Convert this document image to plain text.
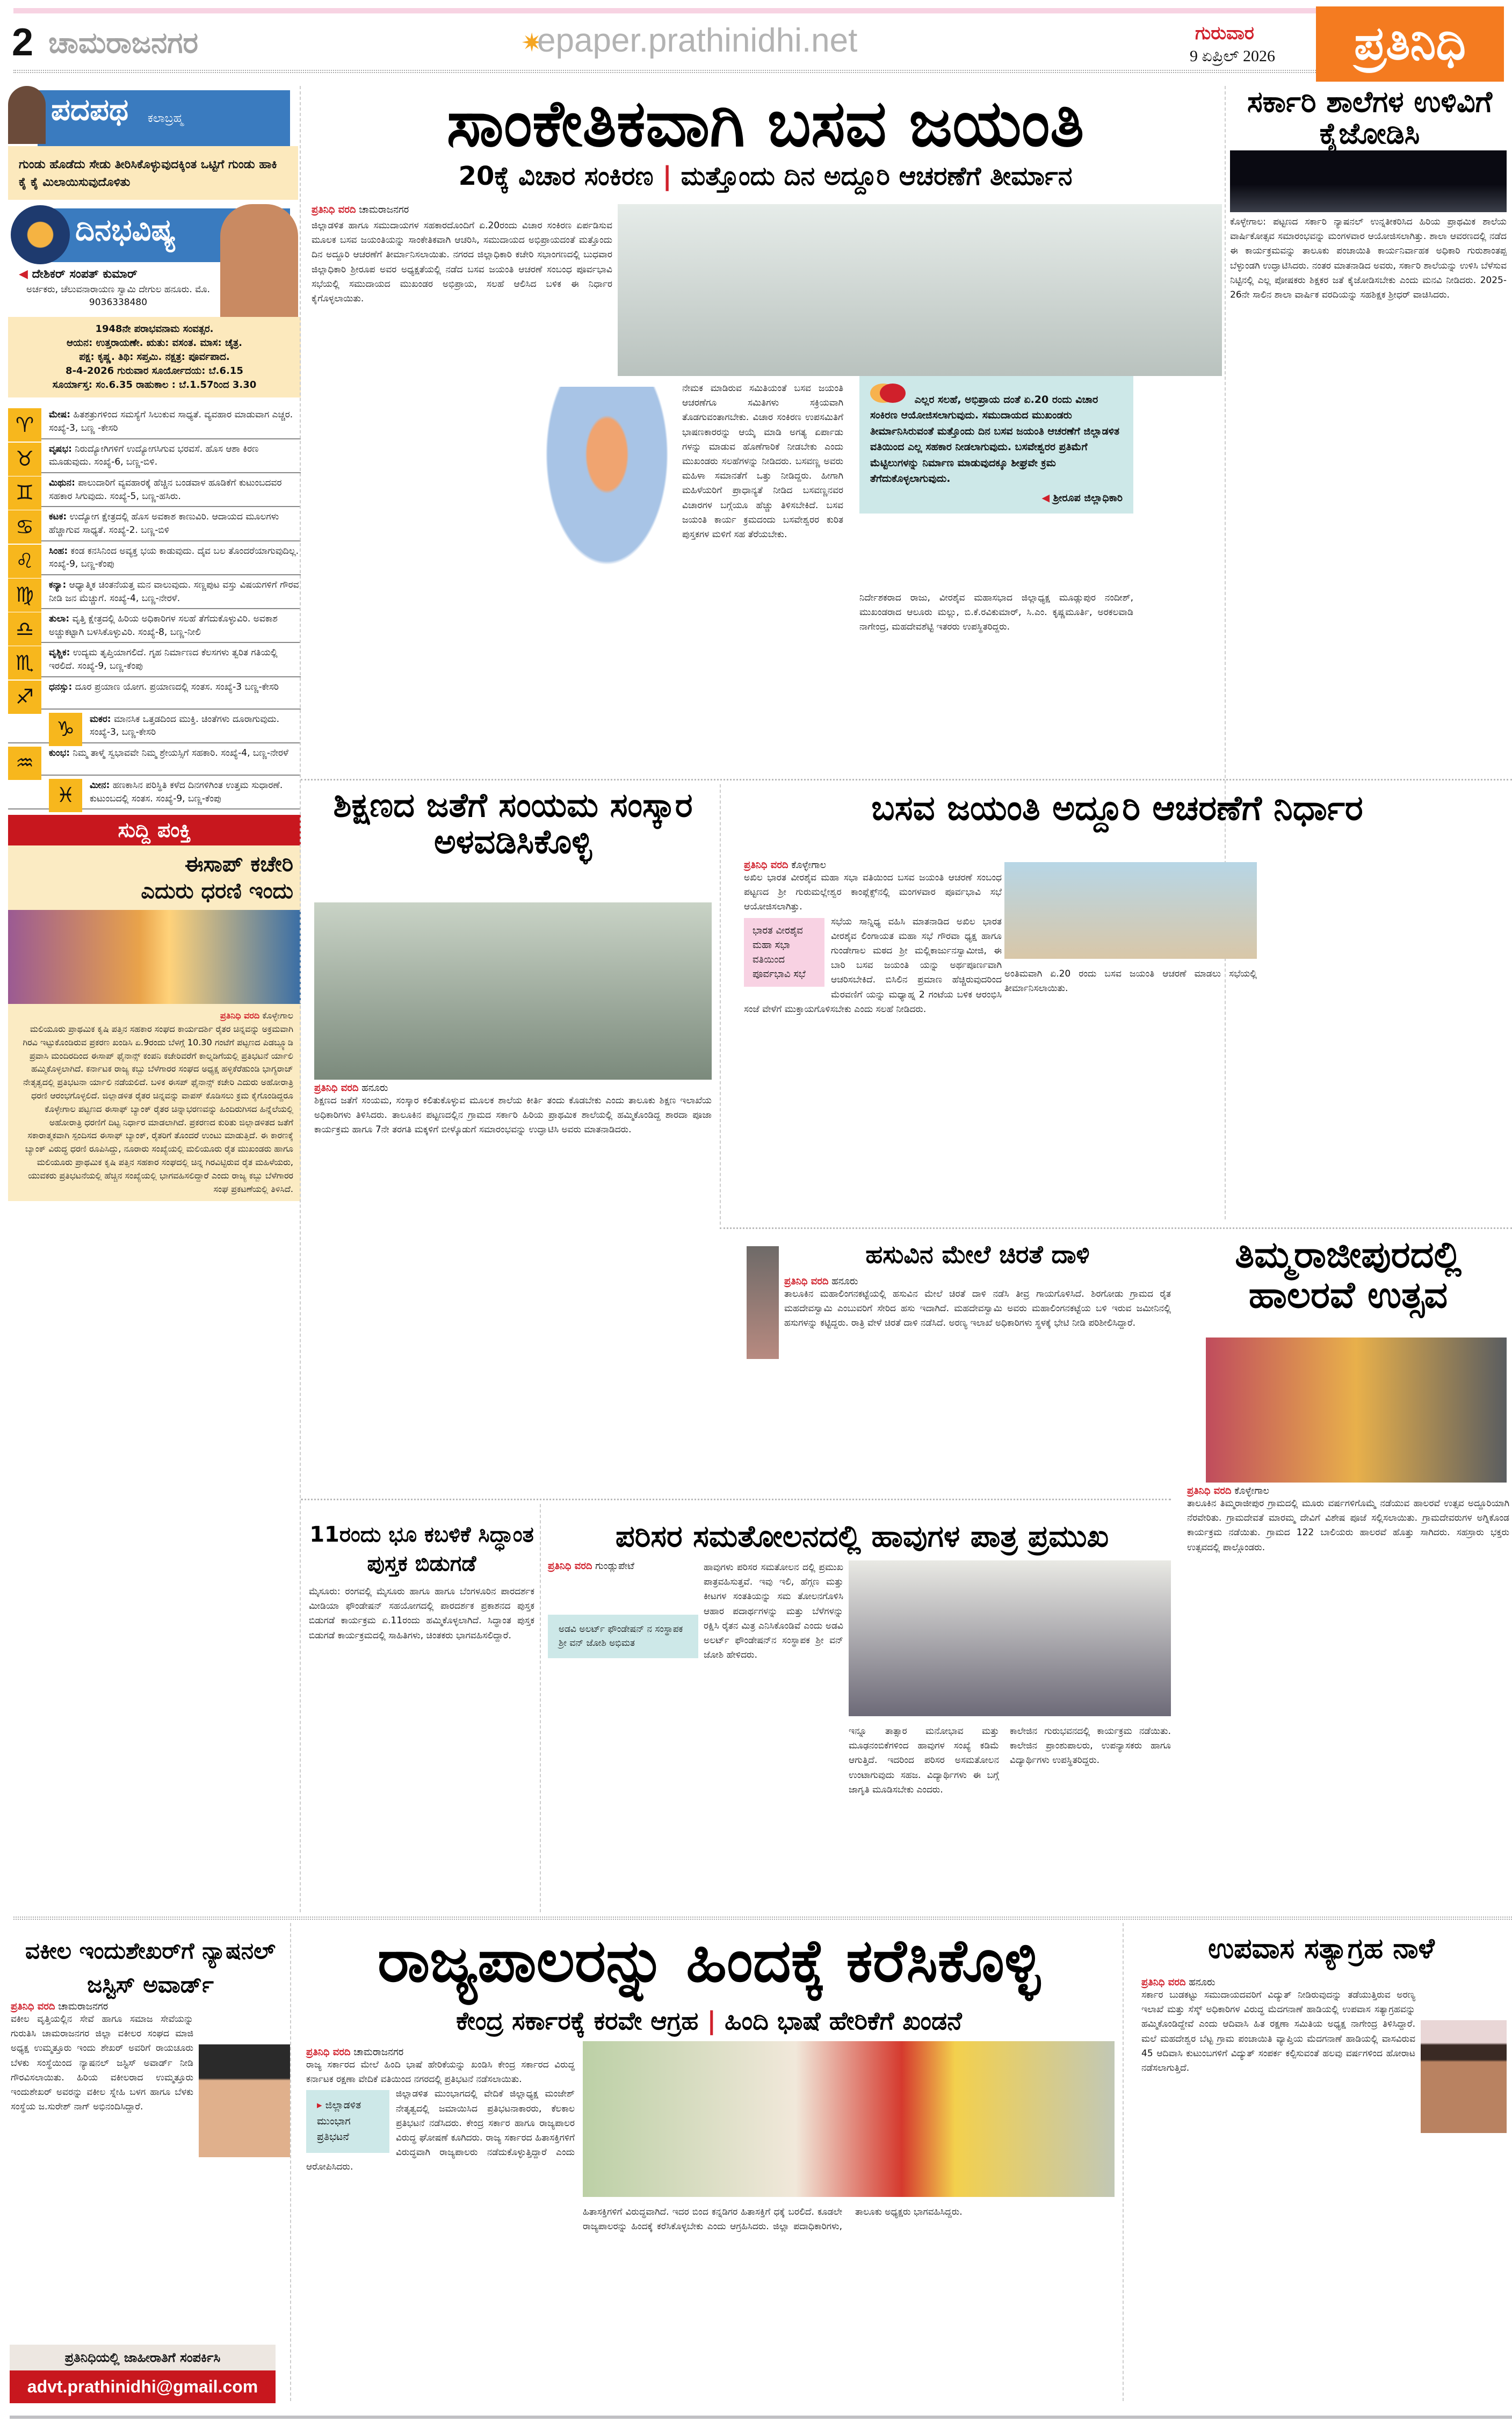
2 ಚಾಮರಾಜನಗರ	✷
epaper.prathinidhi.net	ಗುರುವಾರ
9 ಏಪ್ರಿಲ್ 2026	ಪ್ರತಿನಿಧಿ
ಪದಪಥ ಕಲಾಬ್ರಹ್ಮ
ಗುಂಡು ಹೊಡೆದು ಸೇಡು ತೀರಿಸಿಕೊಳ್ಳುವುದಕ್ಕಿಂತ ಒಟ್ಟಿಗೆ ಗುಂಡು ಹಾಕಿ ಕೈ ಕೈ ಮಿಲಾಯಿಸುವುದೊಳಿತು
ದಿನಭವಿಷ್ಯ
◀ ದೇಶಿಕರ್ ಸಂಪತ್ ಕುಮಾರ್
ಅರ್ಚಕರು, ಚೆಲುವನಾರಾಯಣ ಸ್ವಾಮಿ ದೇಗುಲ ಹನೂರು. ಮೊ. 9036338480
1948ನೇ ಪರಾಭವನಾಮ ಸಂವತ್ಸರ.
ಆಯನ: ಉತ್ತರಾಯಣೇ. ಋತು: ವಸಂತ. ಮಾಸ: ಚೈತ್ರ.
ಪಕ್ಷ: ಕೃಷ್ಣ. ತಿಥಿ: ಸಪ್ತಮಿ. ನಕ್ಷತ್ರ: ಪೂರ್ವಪಾದ.
8-4-2026 ಗುರುವಾರ ಸೂರ್ಯೋದಯ: ಬೆ.6.15
ಸೂರ್ಯಾಸ್ತ: ಸಂ.6.35 ರಾಹುಕಾಲ : ಬೆ.1.57ರಿಂದ 3.30
♈	ಮೇಷ: ಹಿತಶತ್ರುಗಳಿಂದ ಸಮಸ್ಯೆಗೆ ಸಿಲುಕುವ ಸಾಧ್ಯತೆ. ವ್ಯವಹಾರ ಮಾಡುವಾಗ ಎಚ್ಚರ. ಸಂಖ್ಯೆ-3, ಬಣ್ಣ -ಕೇಸರಿ
♉	ವೃಷಭ: ನಿರುದ್ಯೋಗಿಗಳಿಗೆ ಉದ್ಯೋಗಸಿಗುವ ಭರವಸೆ. ಹೊಸ ಆಶಾ ಕಿರಣ ಮೂಡುವುದು. ಸಂಖ್ಯೆ-6, ಬಣ್ಣ-ಬಿಳಿ.
♊	ಮಿಥುನ: ಪಾಲುದಾರಿಗೆ ವ್ಯವಹಾರಕ್ಕೆ ಹೆಚ್ಚಿನ ಬಂಡವಾಳ ಹೂಡಿಕೆಗೆ ಕುಟುಂಬದವರ ಸಹಕಾರ ಸಿಗುವುದು. ಸಂಖ್ಯೆ-5, ಬಣ್ಣ-ಹಸಿರು.
♋	ಕಟಕ: ಉದ್ಯೋಗ ಕ್ಷೇತ್ರದಲ್ಲಿ ಹೊಸ ಅವಕಾಶ ಕಾಣುವಿರಿ. ಆದಾಯದ ಮೂಲಗಳು ಹೆಚ್ಚಾಗುವ ಸಾಧ್ಯತೆ. ಸಂಖ್ಯೆ-2. ಬಣ್ಣ-ಬಿಳಿ
♌	ಸಿಂಹ: ಕಂಡ ಕನಸಿನಿಂದ ಅವ್ಯಕ್ತ ಭಯ ಕಾಡುವುದು. ದೈವ ಬಲ ತೊಂದರೆಯಾಗುವುದಿಲ್ಲ. ಸಂಖ್ಯೆ-9, ಬಣ್ಣ-ಕೆಂಪು
♍	ಕನ್ಯಾ: ಆಧ್ಯಾತ್ಮಿಕ ಚಿಂತನೆಯತ್ತ ಮನ ವಾಲುವುದು. ಸಣ್ಣಪುಟ ವಸ್ತು ವಿಷಯಗಳಿಗೆ ಗೌರವ ನೀಡಿ ಜನ ಮೆಚ್ಚುಗೆ. ಸಂಖ್ಯೆ-4, ಬಣ್ಣ-ನೇರಳೆ.
♎	ತುಲಾ: ವೃತ್ತಿ ಕ್ಷೇತ್ರದಲ್ಲಿ ಹಿರಿಯ ಅಧಿಕಾರಿಗಳ ಸಲಹೆ ತೆಗೆದುಕೊಳ್ಳುವಿರಿ. ಅವಕಾಶ ಅಚ್ಚುಕಟ್ಟಾಗಿ ಬಳಸಿಕೊಳ್ಳುವಿರಿ. ಸಂಖ್ಯೆ-8, ಬಣ್ಣ-ನೀಲಿ
♏	ವೃಶ್ಚಿಕ: ಉದ್ಯಮ ತೃಪ್ತಿಯಾಗಲಿದೆ. ಗೃಹ ನಿರ್ಮಾಣದ ಕೆಲಸಗಳು ತ್ವರಿತ ಗತಿಯಲ್ಲಿ ಇರಲಿದೆ. ಸಂಖ್ಯೆ-9, ಬಣ್ಣ-ಕೆಂಪು
♐	ಧನಸ್ಸು: ದೂರ ಪ್ರಯಾಣ ಯೋಗ. ಪ್ರಯಾಣದಲ್ಲಿ ಸಂತಸ. ಸಂಖ್ಯೆ-3 ಬಣ್ಣ-ಕೇಸರಿ
♑	ಮಕರ: ಮಾನಸಿಕ ಒತ್ತಡದಿಂದ ಮುಕ್ತಿ. ಚಿಂತೆಗಳು ದೂರಾಗುವುದು. ಸಂಖ್ಯೆ-3, ಬಣ್ಣ-ಕೇಸರಿ
♒	ಕುಂಭ: ನಿಮ್ಮ ತಾಳ್ಮೆ ಸ್ವಭಾವವೇ ನಿಮ್ಮ ಶ್ರೇಯಸ್ಸಿಗೆ ಸಹಕಾರಿ. ಸಂಖ್ಯೆ-4, ಬಣ್ಣ-ನೇರಳೆ
♓	ಮೀನ: ಹಣಕಾಸಿನ ಪರಿಸ್ಥಿತಿ ಕಳೆದ ದಿನಗಳಿಗಿಂತ ಉತ್ತಮ ಸುಧಾರಣೆ. ಕುಟುಂಬದಲ್ಲಿ ಸಂತಸ. ಸಂಖ್ಯೆ-9, ಬಣ್ಣ-ಕೆಂಪು
ಸುದ್ದಿ ಪಂಕ್ತಿ
ಈಸಾಪ್ ಕಚೇರಿ
ಎದುರು ಧರಣಿ ಇಂದು
ಪ್ರತಿನಿಧಿ ವರದಿ ಕೊಳ್ಳೇಗಾಲ
ಮಲಿಯೂರು ಪ್ರಾಥಮಿಕ ಕೃಷಿ ಪತ್ತಿನ ಸಹಕಾರ ಸಂಘದ ಕಾರ್ಯದರ್ಶಿ ರೈತರ ಚಿನ್ನವನ್ನು ಅಕ್ರಮವಾಗಿ ಗಿರವಿ ಇಟ್ಟುಕೊಂಡಿರುವ ಪ್ರಕರಣ ಖಂಡಿಸಿ ಏ.9ರಂದು ಬೆಳಗ್ಗೆ 10.30 ಗಂಟೆಗೆ ಪಟ್ಟಣದ ಪಿಡಬ್ಲ್ಯೂಡಿ ಪ್ರವಾಸಿ ಮಂದಿರದಿಂದ ಈಸಾಪ್ ಫೈನಾನ್ಸ್ ಕಂಪನಿ ಕಚೇರಿವರೆಗೆ ಕಾಲ್ನಡಿಗೆಯಲ್ಲಿ ಪ್ರತಿಭಟನೆ ರ್ಯಾಲಿ ಹಮ್ಮಿಕೊಳ್ಳಲಾಗಿದೆ. ಕರ್ನಾಟಕ ರಾಜ್ಯ ಕಬ್ಬು ಬೆಳೆಗಾರರ ಸಂಘದ ಅಧ್ಯಕ್ಷ ಹಳ್ಳಿಕೆರೆಹುಂಡಿ ಭಾಗ್ಯರಾಜ್ ನೇತೃತ್ವದಲ್ಲಿ ಪ್ರತಿಭಟನಾ ರ್ಯಾಲಿ ನಡೆಯಲಿದೆ. ಬಳಿಕ ಈಸಪ್ ಫೈನಾನ್ಸ್ ಕಚೇರಿ ಎದುರು ಅಹೋರಾತ್ರಿ ಧರಣಿ ಆರಂಭಗೊಳ್ಳಲಿದೆ. ಜಿಲ್ಲಾಡಳಿತ ರೈತರ ಚಿನ್ನವನ್ನು ವಾಪಸ್ ಕೊಡಿಸಲು ಕ್ರಮ ಕೈಗೊಂಡಿದ್ದರೂ ಕೊಳ್ಳೇಗಾಲ ಪಟ್ಟಣದ ಈಸಾಫ್ ಬ್ಯಾಂಕ್ ರೈತರ ಚಿನ್ನಾಭರಣವನ್ನು ಹಿಂದಿರುಗಿಸದ ಹಿನ್ನೆಲೆಯಲ್ಲಿ ಅಹೋರಾತ್ರಿ ಧರಣಿಗೆ ದಿಟ್ಟ ನಿರ್ಧಾರ ಮಾಡಲಾಗಿದೆ. ಪ್ರಕರಣದ ಕುರಿತು ಜಿಲ್ಲಾಡಳಿತದ ಜತೆಗೆ ಸಕಾರಾತ್ಮಕವಾಗಿ ಸ್ಪಂದಿಸದ ಈಸಾಫ್ ಬ್ಯಾಂಕ್, ರೈತರಿಗೆ ತೊಂದರೆ ಉಂಟು ಮಾಡುತ್ತಿದೆ. ಈ ಕಾರಣಕ್ಕೆ ಬ್ಯಾಂಕ್ ವಿರುದ್ಧ ಧರಣಿ ರೂಪಿಸಿದ್ದು, ನೂರಾರು ಸಂಖ್ಯೆಯಲ್ಲಿ ಮಲಿಯೂರು ರೈತ ಮುಖಂಡರು ಹಾಗೂ ಮಲಿಯೂರು ಪ್ರಾಥಮಿಕ ಕೃಷಿ ಪತ್ತಿನ ಸಹಕಾರ ಸಂಘದಲ್ಲಿ ಚಿನ್ನ ಗಿರವಿಟ್ಟಿರುವ ರೈತ ಮಹಿಳೆಯರು, ಯುವಕರು ಪ್ರತಿಭಟನೆಯಲ್ಲಿ ಹೆಚ್ಚಿನ ಸಂಖ್ಯೆಯಲ್ಲಿ ಭಾಗವಹಿಸಲಿದ್ದಾರೆ ಎಂದು ರಾಜ್ಯ ಕಬ್ಬು ಬೆಳೆಗಾರರ ಸಂಘ ಪ್ರಕಟಣೆಯಲ್ಲಿ ತಿಳಿಸಿದೆ.
ಸಾಂಕೇತಿಕವಾಗಿ ಬಸವ ಜಯಂತಿ
20ಕ್ಕೆ ವಿಚಾರ ಸಂಕಿರಣ | ಮತ್ತೊಂದು ದಿನ ಅದ್ದೂರಿ ಆಚರಣೆಗೆ ತೀರ್ಮಾನ
ಪ್ರತಿನಿಧಿ ವರದಿ ಚಾಮರಾಜನಗರ
ಜಿಲ್ಲಾಡಳಿತ ಹಾಗೂ ಸಮುದಾಯಗಳ ಸಹಕಾರದೊಂದಿಗೆ ಏ.20ರಂದು ವಿಚಾರ ಸಂಕಿರಣ ಏರ್ಪಡಿಸುವ ಮೂಲಕ ಬಸವ ಜಯಂತಿಯನ್ನು ಸಾಂಕೇತಿಕವಾಗಿ ಆಚರಿಸಿ, ಸಮುದಾಯದ ಅಭಿಪ್ರಾಯದಂತೆ ಮತ್ತೊಂದು ದಿನ ಅದ್ದೂರಿ ಆಚರಣೆಗೆ ತೀರ್ಮಾನಿಸಲಾಯಿತು. ನಗರದ ಜಿಲ್ಲಾಧಿಕಾರಿ ಕಚೇರಿ ಸಭಾಂಗಣದಲ್ಲಿ ಬುಧವಾರ ಜಿಲ್ಲಾಧಿಕಾರಿ ಶ್ರೀರೂಪ ಅವರ ಅಧ್ಯಕ್ಷತೆಯಲ್ಲಿ ನಡೆದ ಬಸವ ಜಯಂತಿ ಆಚರಣೆ ಸಂಬಂಧ ಪೂರ್ವಭಾವಿ ಸಭೆಯಲ್ಲಿ ಸಮುದಾಯದ ಮುಖಂಡರ ಅಭಿಪ್ರಾಯ, ಸಲಹೆ ಆಲಿಸಿದ ಬಳಿಕ ಈ ನಿರ್ಧಾರ ಕೈಗೊಳ್ಳಲಾಯಿತು.
ನೇಮಕ ಮಾಡಿರುವ ಸಮಿತಿಯಂತೆ ಬಸವ ಜಯಂತಿ ಆಚರಣೆಗೂ ಸಮಿತಿಗಳು ಸಕ್ರಿಯವಾಗಿ ತೊಡಗುವಂತಾಗಬೇಕು. ವಿಚಾರ ಸಂಕಿರಣ ಉಪಸಮಿತಿಗೆ ಭಾಷಣಕಾರರನ್ನು ಆಯ್ಕೆ ಮಾಡಿ ಅಗತ್ಯ ಏರ್ಪಾಡು ಗಳನ್ನು ಮಾಡುವ ಹೊಣೆಗಾರಿಕೆ ನೀಡಬೇಕು ಎಂದು ಮುಖಂಡರು ಸಲಹೆಗಳನ್ನು ನೀಡಿದರು. ಬಸವಣ್ಣ ಅವರು ಮಹಿಳಾ ಸಮಾನತೆಗೆ ಒತ್ತು ನೀಡಿದ್ದರು. ಹೀಗಾಗಿ ಮಹಿಳೆಯರಿಗೆ ಪ್ರಾಧಾನ್ಯತೆ ನೀಡಿದ ಬಸವಣ್ಣನವರ ವಿಚಾರಗಳ ಬಗ್ಗೆಯೂ ಹೆಚ್ಚು ತಿಳಿಸಬೇಕಿದೆ. ಬಸವ ಜಯಂತಿ ಕಾರ್ಯ ಕ್ರಮದಂದು ಬಸವೇಶ್ವರರ ಕುರಿತ ಪುಸ್ತಕಗಳ ಮಳಿಗೆ ಸಹ ತೆರೆಯಬೇಕು.
ಎಲ್ಲರ ಸಲಹೆ, ಅಭಿಪ್ರಾಯ ದಂತೆ ಏ.20 ರಂದು ವಿಚಾರ ಸಂಕಿರಣ ಆಯೋಜಿಸಲಾಗುವುದು. ಸಮುದಾಯದ ಮುಖಂಡರು ತೀರ್ಮಾನಿಸಿರುವಂತೆ ಮತ್ತೊಂದು ದಿನ ಬಸವ ಜಯಂತಿ ಆಚರಣೆಗೆ ಜಿಲ್ಲಾಡಳಿತ ವತಿಯಿಂದ ಎಲ್ಲ ಸಹಕಾರ ನೀಡಲಾಗುವುದು. ಬಸವೇಶ್ವರರ ಪ್ರತಿಮೆಗೆ ಮೆಟ್ಟಿಲುಗಳನ್ನು ನಿರ್ಮಾಣ ಮಾಡುವುದಕ್ಕೂ ಶೀಘ್ರವೇ ಕ್ರಮ ತೆಗೆದುಕೊಳ್ಳಲಾಗುವುದು.
◀ ಶ್ರೀರೂಪ ಜಿಲ್ಲಾಧಿಕಾರಿ
ನಿರ್ದೇಶಕರಾದ ರಾಜು, ವೀರಶೈವ ಮಹಾಸಭಾದ ಜಿಲ್ಲಾಧ್ಯಕ್ಷ ಮೂಡ್ಲುಪುರ ನಂದೀಶ್, ಮುಖಂಡರಾದ ಆಲೂರು ಮಲ್ಲು, ಬಿ.ಕೆ.ರವಿಕುಮಾರ್, ಸಿ.ಎಂ. ಕೃಷ್ಣಮೂರ್ತಿ, ಅರಕಲವಾಡಿ ನಾಗೇಂದ್ರ, ಮಹದೇವಶೆಟ್ಟಿ ಇತರರು ಉಪಸ್ಥಿತರಿದ್ದರು.
ಸರ್ಕಾರಿ ಶಾಲೆಗಳ ಉಳಿವಿಗೆ ಕೈಜೋಡಿಸಿ
ಕೊಳ್ಳೇಗಾಲ: ಪಟ್ಟಣದ ಸರ್ಕಾರಿ ನ್ಯಾಷನಲ್ ಉನ್ನತೀಕರಿಸಿದ ಹಿರಿಯ ಪ್ರಾಥಮಿಕ ಶಾಲೆಯ ವಾರ್ಷಿಕೋತ್ಸವ ಸಮಾರಂಭವನ್ನು ಮಂಗಳವಾರ ಆಯೋಜಿಸಲಾಗಿತ್ತು. ಶಾಲಾ ಆವರಣದಲ್ಲಿ ನಡೆದ ಈ ಕಾರ್ಯಕ್ರಮವನ್ನು ತಾಲೂಕು ಪಂಚಾಯಿತಿ ಕಾರ್ಯನಿರ್ವಾಹಕ ಅಧಿಕಾರಿ ಗುರುಶಾಂತಪ್ಪ ಬೆಳ್ಳುಂಡಗಿ ಉದ್ಘಾಟಿಸಿದರು. ನಂತರ ಮಾತನಾಡಿದ ಅವರು, ಸರ್ಕಾರಿ ಶಾಲೆಯನ್ನು ಉಳಿಸಿ ಬೆಳೆಸುವ ನಿಟ್ಟಿನಲ್ಲಿ ಎಲ್ಲ ಪೋಷಕರು ಶಿಕ್ಷಕರ ಜತೆ ಕೈಜೋಡಿಸಬೇಕು ಎಂದು ಮನವಿ ನೀಡಿದರು. 2025-26ನೇ ಸಾಲಿನ ಶಾಲಾ ವಾರ್ಷಿಕ ವರದಿಯನ್ನು ಸಹಶಿಕ್ಷಕ ಶ್ರೀಧರ್ ವಾಚಿಸಿದರು.
ಶಿಕ್ಷಣದ ಜತೆಗೆ ಸಂಯಮ ಸಂಸ್ಕಾರ ಅಳವಡಿಸಿಕೊಳ್ಳಿ
ಪ್ರತಿನಿಧಿ ವರದಿ ಹನೂರು
ಶಿಕ್ಷಣದ ಜತೆಗೆ ಸಂಯಮ, ಸಂಸ್ಕಾರ ಕಲಿತುಕೊಳ್ಳುವ ಮೂಲಕ ಶಾಲೆಯ ಕೀರ್ತಿ ತಂದು ಕೊಡಬೇಕು ಎಂದು ತಾಲೂಕು ಶಿಕ್ಷಣ ಇಲಾಖೆಯ ಅಧಿಕಾರಿಗಳು ತಿಳಿಸಿದರು. ತಾಲೂಕಿನ ಪಟ್ಟಣದಲ್ಲಿನ ಗ್ರಾಮದ ಸರ್ಕಾರಿ ಹಿರಿಯ ಪ್ರಾಥಮಿಕ ಶಾಲೆಯಲ್ಲಿ ಹಮ್ಮಿಕೊಂಡಿದ್ದ ಶಾರದಾ ಪೂಜಾ ಕಾರ್ಯಕ್ರಮ ಹಾಗೂ 7ನೇ ತರಗತಿ ಮಕ್ಕಳಿಗೆ ಬೀಳ್ಕೊಡುಗೆ ಸಮಾರಂಭವನ್ನು ಉದ್ಘಾಟಿಸಿ ಅವರು ಮಾತನಾಡಿದರು.
ಬಸವ ಜಯಂತಿ ಅದ್ದೂರಿ ಆಚರಣೆಗೆ ನಿರ್ಧಾರ
ಪ್ರತಿನಿಧಿ ವರದಿ ಕೊಳ್ಳೇಗಾಲ
ಅಖಿಲ ಭಾರತ ವೀರಶೈವ ಮಹಾ ಸಭಾ ವತಿಯಿಂದ ಬಸವ ಜಯಂತಿ ಆಚರಣೆ ಸಂಬಂಧ ಪಟ್ಟಣದ ಶ್ರೀ ಗುರುಮಲ್ಲೇಶ್ವರ ಕಾಂಪ್ಲೆಕ್ಸ್‌ನಲ್ಲಿ ಮಂಗಳವಾರ ಪೂರ್ವಭಾವಿ ಸಭೆ ಆಯೋಜಿಸಲಾಗಿತ್ತು.
ಭಾರತ ವೀರಶೈವ ಮಹಾ ಸಭಾ ವತಿಯಿಂದ ಪೂರ್ವಭಾವಿ ಸಭೆ
ಸಭೆಯ ಸಾನ್ನಿಧ್ಯ ವಹಿಸಿ ಮಾತನಾಡಿದ ಅಖಿಲ ಭಾರತ ವೀರಶೈವ ಲಿಂಗಾಯತ ಮಹಾ ಸಭೆ ಗೌರವಾ ಧ್ಯಕ್ಷ ಹಾಗೂ ಗುಂಡೇಗಾಲ ಮಠದ ಶ್ರೀ ಮಲ್ಲಿಕಾರ್ಜುನಸ್ವಾಮೀಜಿ, ಈ ಬಾರಿ ಬಸವ ಜಯಂತಿ ಯನ್ನು ಅರ್ಥಪೂರ್ಣವಾಗಿ ಆಚರಿಸಬೇಕಿದೆ. ಬಿಸಿಲಿನ ಪ್ರಮಾಣ ಹೆಚ್ಚಿರುವುದರಿಂದ ಮೆರವಣಿಗೆ ಯನ್ನು ಮಧ್ಯಾಹ್ನ 2 ಗಂಟೆಯ ಬಳಿಕ ಆರಂಭಿಸಿ ಸಂಜೆ ವೇಳೆಗೆ ಮುಕ್ತಾಯಗೊಳಿಸಬೇಕು ಎಂದು ಸಲಹೆ ನೀಡಿದರು.
ಅಂತಿಮವಾಗಿ ಏ.20 ರಂದು ಬಸವ ಜಯಂತಿ ಆಚರಣೆ ಮಾಡಲು ಸಭೆಯಲ್ಲಿ ತೀರ್ಮಾನಿಸಲಾಯಿತು.
ಹಸುವಿನ ಮೇಲೆ ಚಿರತೆ ದಾಳಿ
ಪ್ರತಿನಿಧಿ ವರದಿ ಹನೂರು
ತಾಲೂಕಿನ ಮಹಾಲಿಂಗನಕಟ್ಟೆಯಲ್ಲಿ ಹಸುವಿನ ಮೇಲೆ ಚಿರತೆ ದಾಳಿ ನಡೆಸಿ ತೀವ್ರ ಗಾಯಗೊಳಿಸಿದೆ. ಶಿರಗೋಡು ಗ್ರಾಮದ ರೈತ ಮಹದೇವಸ್ವಾಮಿ ಎಂಬುವರಿಗೆ ಸೇರಿದ ಹಸು ಇದಾಗಿದೆ. ಮಹದೇವಸ್ವಾಮಿ ಅವರು ಮಹಾಲಿಂಗನಕಟ್ಟೆಯ ಬಳಿ ಇರುವ ಜಮೀನಿನಲ್ಲಿ ಹಸುಗಳನ್ನು ಕಟ್ಟಿದ್ದರು. ರಾತ್ರಿ ವೇಳೆ ಚಿರತೆ ದಾಳಿ ನಡೆಸಿದೆ. ಅರಣ್ಯ ಇಲಾಖೆ ಅಧಿಕಾರಿಗಳು ಸ್ಥಳಕ್ಕೆ ಭೇಟಿ ನೀಡಿ ಪರಿಶೀಲಿಸಿದ್ದಾರೆ.
ತಿಮ್ಮರಾಜೀಪುರದಲ್ಲಿ ಹಾಲರವೆ ಉತ್ಸವ
ಪ್ರತಿನಿಧಿ ವರದಿ ಕೊಳ್ಳೇಗಾಲ
ತಾಲೂಕಿನ ತಿಮ್ಮರಾಜೀಪುರ ಗ್ರಾಮದಲ್ಲಿ ಮೂರು ವರ್ಷಗಳಿಗೊಮ್ಮೆ ನಡೆಯುವ ಹಾಲರವೆ ಉತ್ಸವ ಅದ್ದೂರಿಯಾಗಿ ನೆರವೇರಿತು. ಗ್ರಾಮದೇವತೆ ಮಾರಮ್ಮ ದೇವಿಗೆ ವಿಶೇಷ ಪೂಜೆ ಸಲ್ಲಿಸಲಾಯಿತು. ಗ್ರಾಮದೇವರುಗಳ ಅಗ್ನಿಕೊಂಡ ಕಾರ್ಯಕ್ರಮ ನಡೆಯಿತು. ಗ್ರಾಮದ 122 ಬಾಲಿಯರು ಹಾಲರವೆ ಹೊತ್ತು ಸಾಗಿದರು. ಸಹಸ್ರಾರು ಭಕ್ತರು ಉತ್ಸವದಲ್ಲಿ ಪಾಲ್ಗೊಂಡರು.
11ರಂದು ಭೂ ಕಬಳಿಕೆ ಸಿದ್ಧಾಂತ ಪುಸ್ತಕ ಬಿಡುಗಡೆ
ಮೈಸೂರು: ರಂಗವಲ್ಲಿ ಮೈಸೂರು ಹಾಗೂ ಹಾಗೂ ಬೆಂಗಳೂರಿನ ಪಾರದರ್ಶಕ ಮೀಡಿಯಾ ಫೌಂಡೇಷನ್ ಸಹಯೋಗದಲ್ಲಿ ಪಾರದರ್ಶಕ ಪ್ರಕಾಶನದ ಪುಸ್ತಕ ಬಿಡುಗಡೆ ಕಾರ್ಯಕ್ರಮ ಏ.11ರಂದು ಹಮ್ಮಿಕೊಳ್ಳಲಾಗಿದೆ. ಸಿದ್ಧಾಂತ ಪುಸ್ತಕ ಬಿಡುಗಡೆ ಕಾರ್ಯಕ್ರಮದಲ್ಲಿ ಸಾಹಿತಿಗಳು, ಚಿಂತಕರು ಭಾಗವಹಿಸಲಿದ್ದಾರೆ.
ಪರಿಸರ ಸಮತೋಲನದಲ್ಲಿ ಹಾವುಗಳ ಪಾತ್ರ ಪ್ರಮುಖ
ಪ್ರತಿನಿಧಿ ವರದಿ ಗುಂಡ್ಲುಪೇಟೆ
ಅಡವಿ ಅಲರ್ಟ್ ಫೌಂಡೇಷನ್ ನ ಸಂಸ್ಥಾಪಕ ಶ್ರೀ ವನ್ ಜೋಶಿ ಅಭಿಮತ
ಹಾವುಗಳು ಪರಿಸರ ಸಮತೋಲನ ದಲ್ಲಿ ಪ್ರಮುಖ ಪಾತ್ರವಹಿಸುತ್ತವೆ. ಇವು ಇಲಿ, ಹೆಗ್ಗಣ ಮತ್ತು ಕೀಟಗಳ ಸಂತತಿಯನ್ನು ಸಮ ತೋಲನಗೊಳಿಸಿ ಆಹಾರ ಪದಾರ್ಥಗಳನ್ನು ಮತ್ತು ಬೆಳೆಗಳನ್ನು ರಕ್ಷಿಸಿ ರೈತನ ಮಿತ್ರ ಎನಿಸಿಕೊಂಡಿವೆ ಎಂದು ಅಡವಿ ಅಲರ್ಟ್ ಫೌಂಡೇಷನ್‌ನ ಸಂಸ್ಥಾಪಕ ಶ್ರೀ ವನ್ ಜೋಶಿ ಹೇಳಿದರು.
ಇನ್ನೂ ತಾತ್ಸಾರ ಮನೋಭಾವ ಮತ್ತು ಮೂಢನಂಬಿಕೆಗಳಿಂದ ಹಾವುಗಳ ಸಂಖ್ಯೆ ಕಡಿಮೆ ಆಗುತ್ತಿದೆ. ಇದರಿಂದ ಪರಿಸರ ಅಸಮತೋಲನ ಉಂಟಾಗುವುದು ಸಹಜ. ವಿದ್ಯಾರ್ಥಿಗಳು ಈ ಬಗ್ಗೆ ಜಾಗೃತಿ ಮೂಡಿಸಬೇಕು ಎಂದರು.
ಕಾಲೇಜಿನ ಗುರುಭವನದಲ್ಲಿ ಕಾರ್ಯಕ್ರಮ ನಡೆಯಿತು. ಕಾಲೇಜಿನ ಪ್ರಾಂಶುಪಾಲರು, ಉಪನ್ಯಾಸಕರು ಹಾಗೂ ವಿದ್ಯಾರ್ಥಿಗಳು ಉಪಸ್ಥಿತರಿದ್ದರು.
ವಕೀಲ ಇಂದುಶೇಖರ್‌ಗೆ ನ್ಯಾಷನಲ್ ಜಸ್ಟಿಸ್ ಅವಾರ್ಡ್
ಪ್ರತಿನಿಧಿ ವರದಿ ಚಾಮರಾಜನಗರ
ವಕೀಲ ವೃತ್ತಿಯಲ್ಲಿನ ಸೇವೆ ಹಾಗೂ ಸಮಾಜ ಸೇವೆಯನ್ನು ಗುರುತಿಸಿ ಚಾಮರಾಜನಗರ ಜಿಲ್ಲಾ ವಕೀಲರ ಸಂಘದ ಮಾಜಿ ಅಧ್ಯಕ್ಷ ಉಮ್ಮತ್ತೂರು ಇಂದು ಶೇಖರ್ ಅವರಿಗೆ ರಾಯಚೂರು ಬೆಳಕು ಸಂಸ್ಥೆಯಿಂದ ನ್ಯಾಷನಲ್ ಜಸ್ಟಿಸ್ ಅವಾರ್ಡ್ ನೀಡಿ ಗೌರವಿಸಲಾಯಿತು. ಹಿರಿಯ ವಕೀಲರಾದ ಉಮ್ಮತ್ತೂರು ಇಂದುಶೇಖರ್ ಅವರನ್ನು ವಕೀಲ ಸ್ನೇಹಿ ಬಳಗ ಹಾಗೂ ಬೆಳಕು ಸಂಸ್ಥೆಯ ಜ.ಸುರೇಶ್ ನಾಗ್ ಅಭಿನಂದಿಸಿದ್ದಾರೆ.
ಪ್ರತಿನಿಧಿಯಲ್ಲಿ ಜಾಹೀರಾತಿಗೆ ಸಂಪರ್ಕಿಸಿ
advt.prathinidhi@gmail.com
ರಾಜ್ಯಪಾಲರನ್ನು ಹಿಂದಕ್ಕೆ ಕರೆಸಿಕೊಳ್ಳಿ
ಕೇಂದ್ರ ಸರ್ಕಾರಕ್ಕೆ ಕರವೇ ಆಗ್ರಹ | ಹಿಂದಿ ಭಾಷೆ ಹೇರಿಕೆಗೆ ಖಂಡನೆ
ಪ್ರತಿನಿಧಿ ವರದಿ ಚಾಮರಾಜನಗರ
ರಾಜ್ಯ ಸರ್ಕಾರದ ಮೇಲೆ ಹಿಂದಿ ಭಾಷೆ ಹೇರಿಕೆಯನ್ನು ಖಂಡಿಸಿ ಕೇಂದ್ರ ಸರ್ಕಾರದ ವಿರುದ್ಧ ಕರ್ನಾಟಕ ರಕ್ಷಣಾ ವೇದಿಕೆ ವತಿಯಿಂದ ನಗರದಲ್ಲಿ ಪ್ರತಿಭಟನೆ ನಡೆಸಲಾಯಿತು.
▸ ಜಿಲ್ಲಾಡಳಿತ ಮುಂಭಾಗ ಪ್ರತಿಭಟನೆ
ಜಿಲ್ಲಾಡಳಿತ ಮುಂಭಾಗದಲ್ಲಿ ವೇದಿಕೆ ಜಿಲ್ಲಾಧ್ಯಕ್ಷ ಮಂಜೇಶ್ ನೇತೃತ್ವದಲ್ಲಿ ಜಮಾಯಿಸಿದ ಪ್ರತಿಭಟನಾಕಾರರು, ಕೆಲಕಾಲ ಪ್ರತಿಭಟನೆ ನಡೆಸಿದರು. ಕೇಂದ್ರ ಸರ್ಕಾರ ಹಾಗೂ ರಾಜ್ಯಪಾಲರ ವಿರುದ್ಧ ಘೋಷಣೆ ಕೂಗಿದರು. ರಾಜ್ಯ ಸರ್ಕಾರದ ಹಿತಾಸಕ್ತಿಗಳಿಗೆ ವಿರುದ್ಧವಾಗಿ ರಾಜ್ಯಪಾಲರು ನಡೆದುಕೊಳ್ಳುತ್ತಿದ್ದಾರೆ ಎಂದು ಆರೋಪಿಸಿದರು.
ಹಿತಾಸಕ್ತಿಗಳಿಗೆ ವಿರುದ್ಧವಾಗಿದೆ. ಇದರ ಬಿಂದ ಕನ್ನಡಿಗರ ಹಿತಾಸಕ್ತಿಗೆ ಧಕ್ಕೆ ಬರಲಿದೆ. ಕೂಡಲೇ ರಾಜ್ಯಪಾಲರನ್ನು ಹಿಂದಕ್ಕೆ ಕರೆಸಿಕೊಳ್ಳಬೇಕು ಎಂದು ಆಗ್ರಹಿಸಿದರು. ಜಿಲ್ಲಾ ಪದಾಧಿಕಾರಿಗಳು, ತಾಲೂಕು ಅಧ್ಯಕ್ಷರು ಭಾಗವಹಿಸಿದ್ದರು.
ಉಪವಾಸ ಸತ್ಯಾಗ್ರಹ ನಾಳೆ
ಪ್ರತಿನಿಧಿ ವರದಿ ಹನೂರು
ಸರ್ಕಾರ ಬುಡಕಟ್ಟು ಸಮುದಾಯದವರಿಗೆ ವಿದ್ಯುತ್ ನೀಡಿರುವುದನ್ನು ತಡೆಯುತ್ತಿರುವ ಅರಣ್ಯ ಇಲಾಖೆ ಮತ್ತು ಸೆಸ್ಕ್ ಅಧಿಕಾರಿಗಳ ವಿರುದ್ಧ ಮೆದಗನಾಣೆ ಹಾಡಿಯಲ್ಲಿ ಉಪವಾಸ ಸತ್ಯಾಗ್ರಹವನ್ನು ಹಮ್ಮಿಕೊಂಡಿದ್ದೇವೆ ಎಂದು ಆದಿವಾಸಿ ಹಿತ ರಕ್ಷಣಾ ಸಮಿತಿಯ ಅಧ್ಯಕ್ಷ ನಾಗೇಂದ್ರ ತಿಳಿಸಿದ್ದಾರೆ. ಮಲೆ ಮಹದೇಶ್ವರ ಬೆಟ್ಟ ಗ್ರಾಮ ಪಂಚಾಯಿತಿ ವ್ಯಾಪ್ತಿಯ ಮೆದಗನಾಣೆ ಹಾಡಿಯಲ್ಲಿ ವಾಸವಿರುವ 45 ಆದಿವಾಸಿ ಕುಟುಂಬಗಳಿಗೆ ವಿದ್ಯುತ್ ಸಂಪರ್ಕ ಕಲ್ಪಿಸುವಂತೆ ಹಲವು ವರ್ಷಗಳಿಂದ ಹೋರಾಟ ನಡೆಸಲಾಗುತ್ತಿದೆ.
